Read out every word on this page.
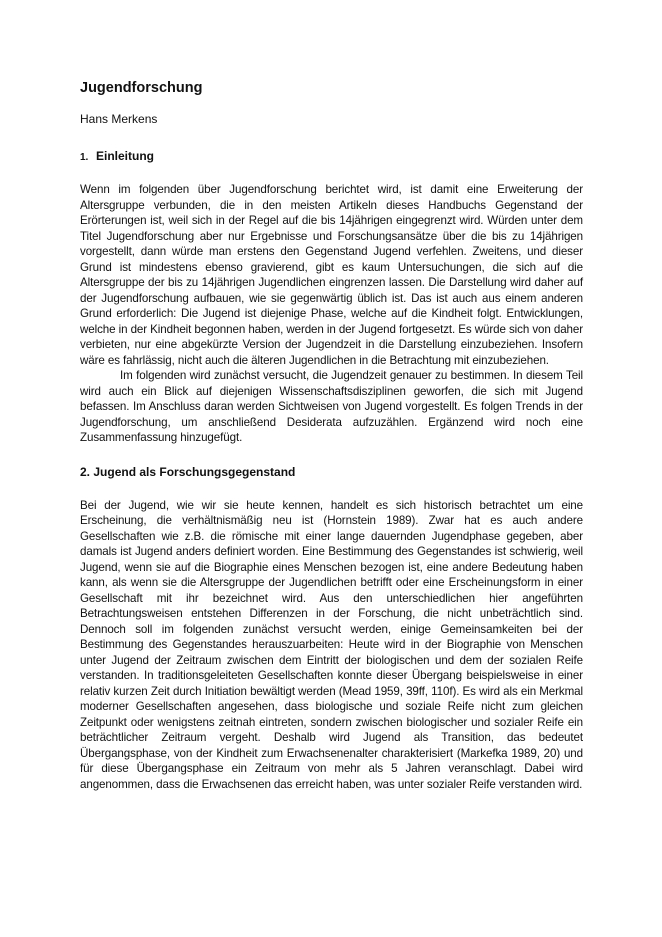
Jugendforschung
Hans Merkens
1. Einleitung

Wenn im folgenden über Jugendforschung berichtet wird, ist damit eine Erweiterung der Altersgruppe verbunden, die in den meisten Artikeln dieses Handbuchs Gegenstand der Erörterungen ist, weil sich in der Regel auf die bis 14jährigen eingegrenzt wird. Würden unter dem Titel Jugendforschung aber nur Ergebnisse und Forschungsansätze über die bis zu 14jährigen vorgestellt, dann würde man erstens den Gegenstand Jugend verfehlen. Zweitens, und dieser Grund ist mindestens ebenso gravierend, gibt es kaum Untersuchungen, die sich auf die Altersgruppe der bis zu 14jährigen Jugendlichen eingrenzen lassen. Die Darstellung wird daher auf der Jugendforschung aufbauen, wie sie gegenwärtig üblich ist. Das ist auch aus einem anderen Grund erforderlich: Die Jugend ist diejenige Phase, welche auf die Kindheit folgt. Entwicklungen, welche in der Kindheit begonnen haben, werden in der Jugend fortgesetzt. Es würde sich von daher verbieten, nur eine abgekürzte Version der Jugendzeit in die Darstellung einzubeziehen. Insofern wäre es fahrlässig, nicht auch die älteren Jugendlichen in die Betrachtung mit einzubeziehen.

Im folgenden wird zunächst versucht, die Jugendzeit genauer zu bestimmen. In diesem Teil wird auch ein Blick auf diejenigen Wissenschaftsdisziplinen geworfen, die sich mit Jugend befassen. Im Anschluss daran werden Sichtweisen von Jugend vorgestellt. Es folgen Trends in der Jugendforschung, um anschließend Desiderata aufzuzählen. Ergänzend wird noch eine Zusammenfassung hinzugefügt.

2. Jugend als Forschungsgegenstand

Bei der Jugend, wie wir sie heute kennen, handelt es sich historisch betrachtet um eine Erscheinung, die verhältnismäßig neu ist (Hornstein 1989). Zwar hat es auch andere Gesellschaften wie z.B. die römische mit einer lange dauernden Jugendphase gegeben, aber damals ist Jugend anders definiert worden. Eine Bestimmung des Gegenstandes ist schwierig, weil Jugend, wenn sie auf die Biographie eines Menschen bezogen ist, eine andere Bedeutung haben kann, als wenn sie die Altersgruppe der Jugendlichen betrifft oder eine Erscheinungsform in einer Gesellschaft mit ihr bezeichnet wird. Aus den unterschiedlichen hier angeführten Betrachtungsweisen entstehen Differenzen in der Forschung, die nicht unbeträchtlich sind. Dennoch soll im folgenden zunächst versucht werden, einige Gemeinsamkeiten bei der Bestimmung des Gegenstandes herauszuarbeiten: Heute wird in der Biographie von Menschen unter Jugend der Zeitraum zwischen dem Eintritt der biologischen und dem der sozialen Reife verstanden. In traditionsgeleiteten Gesellschaften konnte dieser Übergang beispielsweise in einer relativ kurzen Zeit durch Initiation bewältigt werden (Mead 1959, 39ff, 110f). Es wird als ein Merkmal moderner Gesellschaften angesehen, dass biologische und soziale Reife nicht zum gleichen Zeitpunkt oder wenigstens zeitnah eintreten, sondern zwischen biologischer und sozialer Reife ein beträchtlicher Zeitraum vergeht. Deshalb wird Jugend als Transition, das bedeutet Übergangsphase, von der Kindheit zum Erwachsenenalter charakterisiert (Markefka 1989, 20) und für diese Übergangsphase ein Zeitraum von mehr als 5 Jahren veranschlagt. Dabei wird angenommen, dass die Erwachsenen das erreicht haben, was unter sozialer Reife verstanden wird.
